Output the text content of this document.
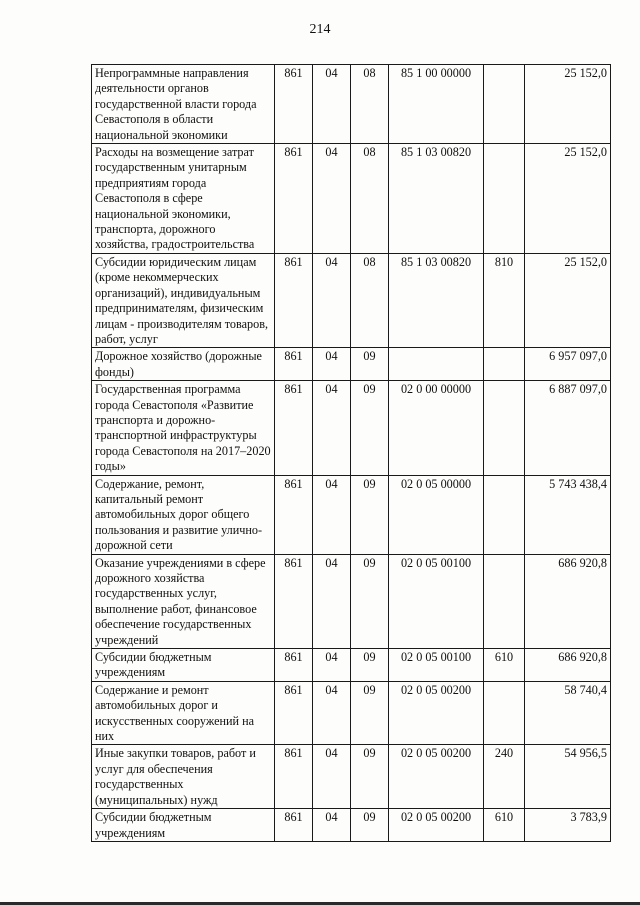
214
Непрограммные направления деятельности органов государственной власти города Севастополя в области национальной экономики	861	04	08	85 1 00 00000		25 152,0
Расходы на возмещение затрат государственным унитарным предприятиям города Севастополя в сфере национальной экономики, транспорта, дорожного хозяйства, градостроительства	861	04	08	85 1 03 00820		25 152,0
Субсидии юридическим лицам (кроме некоммерческих организаций), индивидуальным предпринимателям, физическим лицам - производителям товаров, работ, услуг	861	04	08	85 1 03 00820	810	25 152,0
Дорожное хозяйство (дорожные фонды)	861	04	09			6 957 097,0
Государственная программа города Севастополя «Развитие транспорта и дорожно-транспортной инфраструктуры города Севастополя на 2017–2020 годы»	861	04	09	02 0 00 00000		6 887 097,0
Содержание, ремонт, капитальный ремонт автомобильных дорог общего пользования и развитие улично-дорожной сети	861	04	09	02 0 05 00000		5 743 438,4
Оказание учреждениями в сфере дорожного хозяйства государственных услуг, выполнение работ, финансовое обеспечение государственных учреждений	861	04	09	02 0 05 00100		686 920,8
Субсидии бюджетным учреждениям	861	04	09	02 0 05 00100	610	686 920,8
Содержание и ремонт автомобильных дорог и искусственных сооружений на них	861	04	09	02 0 05 00200		58 740,4
Иные закупки товаров, работ и услуг для обеспечения государственных (муниципальных) нужд	861	04	09	02 0 05 00200	240	54 956,5
Субсидии бюджетным учреждениям	861	04	09	02 0 05 00200	610	3 783,9
